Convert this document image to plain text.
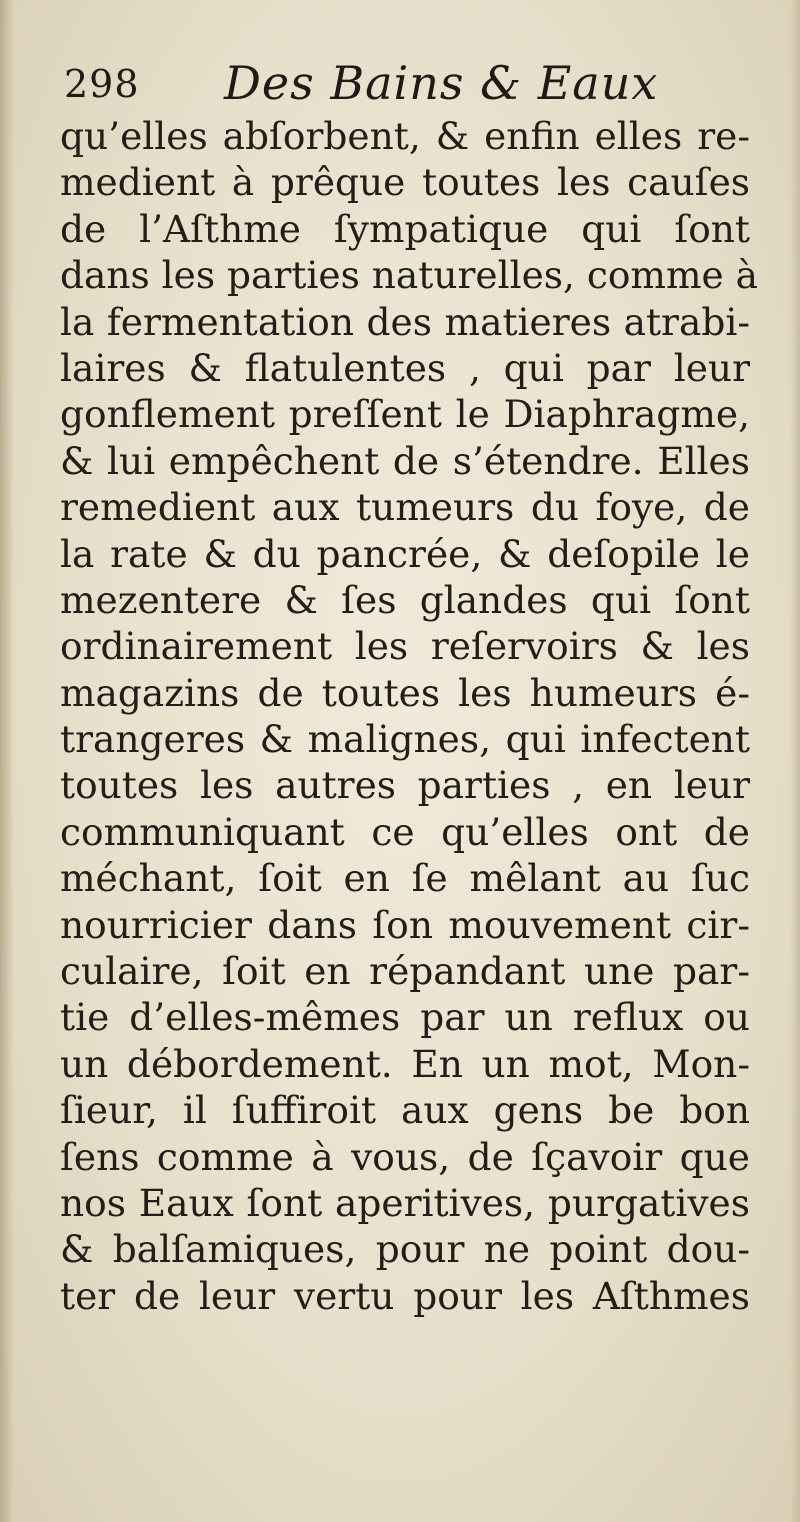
298 Des Bains & Eaux
qu’elles abſorbent, & enfin elles re-
medient à prêque toutes les cauſes
de l’Aſthme ſympatique qui ſont
dans les parties naturelles, comme à
la fermentation des matieres atrabi-
laires & flatulentes , qui par leur
gonflement preſſent le Diaphragme,
& lui empêchent de s’étendre. Elles
remedient aux tumeurs du foye, de
la rate & du pancrée, & deſopile le
mezentere & ſes glandes qui ſont
ordinairement les reſervoirs & les
magazins de toutes les humeurs é-
trangeres & malignes, qui infectent
toutes les autres parties , en leur
communiquant ce qu’elles ont de
méchant, ſoit en ſe mêlant au ſuc
nourricier dans ſon mouvement cir-
culaire, ſoit en répandant une par-
tie d’elles-mêmes par un reflux ou
un débordement. En un mot, Mon-
ſieur, il ſuffiroit aux gens be bon
ſens comme à vous, de ſçavoir que
nos Eaux ſont aperitives, purgatives
& balſamiques, pour ne point dou-
ter de leur vertu pour les Aſthmes
